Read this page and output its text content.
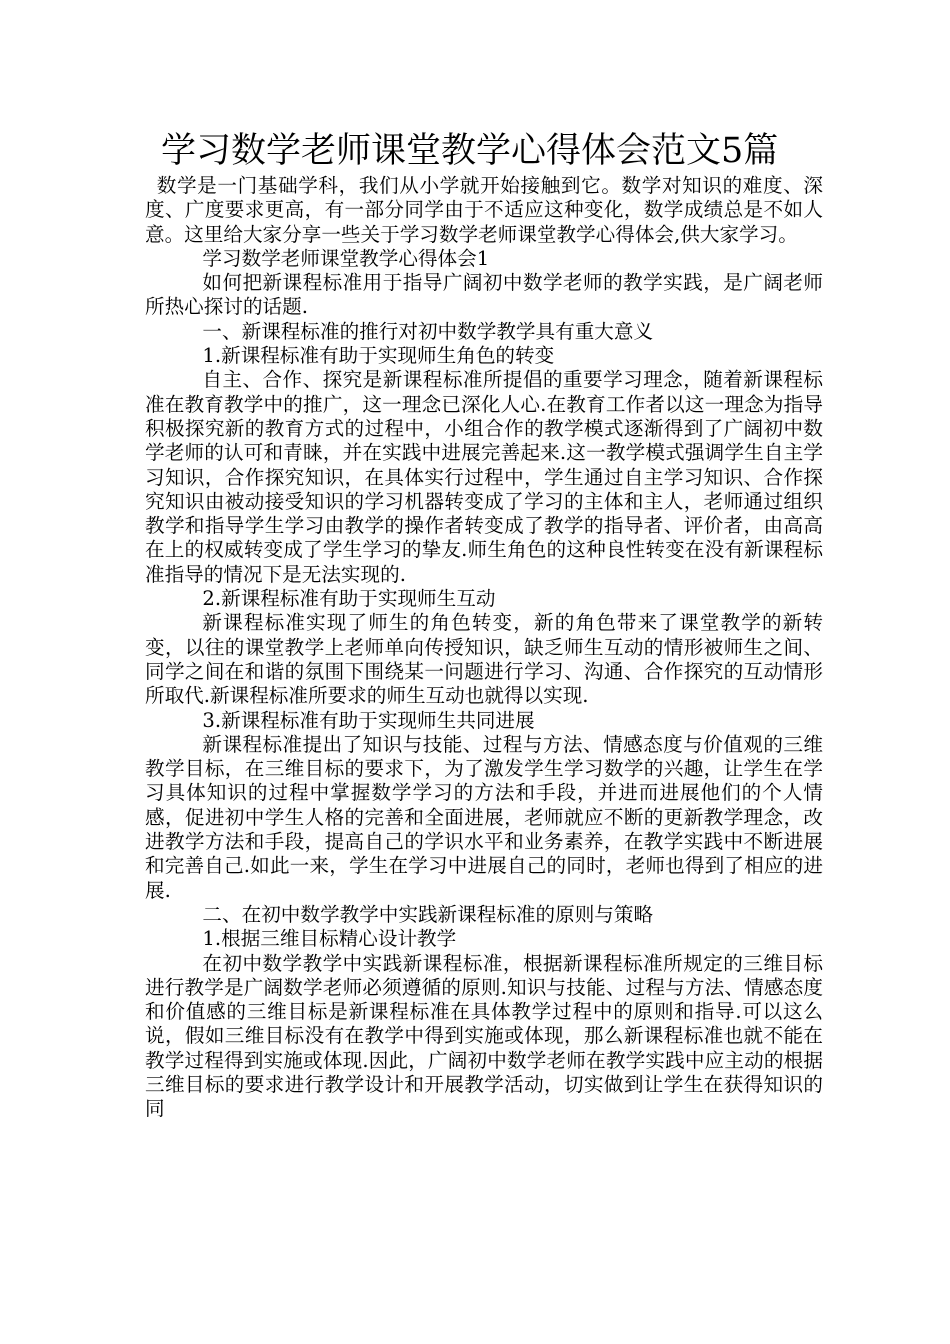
学习数学老师课堂教学心得体会范文5篇

数学是一门基础学科，我们从小学就开始接触到它。数学对知识的难度、深度、广度要求更高，有一部分同学由于不适应这种变化，数学成绩总是不如人意。这里给大家分享一些关于学习数学老师课堂教学心得体会,供大家学习。

学习数学老师课堂教学心得体会1

如何把新课程标准用于指导广阔初中数学老师的教学实践，是广阔老师所热心探讨的话题.

一、新课程标准的推行对初中数学教学具有重大意义

1.新课程标准有助于实现师生角色的转变

自主、合作、探究是新课程标准所提倡的重要学习理念，随着新课程标准在教育教学中的推广，这一理念已深化人心.在教育工作者以这一理念为指导积极探究新的教育方式的过程中，小组合作的教学模式逐渐得到了广阔初中数学老师的认可和青睐，并在实践中进展完善起来.这一教学模式强调学生自主学习知识，合作探究知识，在具体实行过程中，学生通过自主学习知识、合作探究知识由被动接受知识的学习机器转变成了学习的主体和主人，老师通过组织教学和指导学生学习由教学的操作者转变成了教学的指导者、评价者，由高高在上的权威转变成了学生学习的挚友.师生角色的这种良性转变在没有新课程标准指导的情况下是无法实现的.

2.新课程标准有助于实现师生互动

新课程标准实现了师生的角色转变，新的角色带来了课堂教学的新转变，以往的课堂教学上老师单向传授知识，缺乏师生互动的情形被师生之间、同学之间在和谐的氛围下围绕某一问题进行学习、沟通、合作探究的互动情形所取代.新课程标准所要求的师生互动也就得以实现.

3.新课程标准有助于实现师生共同进展

新课程标准提出了知识与技能、过程与方法、情感态度与价值观的三维教学目标，在三维目标的要求下，为了激发学生学习数学的兴趣，让学生在学习具体知识的过程中掌握数学学习的方法和手段，并进而进展他们的个人情感，促进初中学生人格的完善和全面进展，老师就应不断的更新教学理念，改进教学方法和手段，提高自己的学识水平和业务素养，在教学实践中不断进展和完善自己.如此一来，学生在学习中进展自己的同时，老师也得到了相应的进展.

二、在初中数学教学中实践新课程标准的原则与策略

1.根据三维目标精心设计教学

在初中数学教学中实践新课程标准，根据新课程标准所规定的三维目标进行教学是广阔数学老师必须遵循的原则.知识与技能、过程与方法、情感态度和价值感的三维目标是新课程标准在具体教学过程中的原则和指导.可以这么说，假如三维目标没有在教学中得到实施或体现，那么新课程标准也就不能在教学过程得到实施或体现.因此，广阔初中数学老师在教学实践中应主动的根据三维目标的要求进行教学设计和开展教学活动，切实做到让学生在获得知识的同
